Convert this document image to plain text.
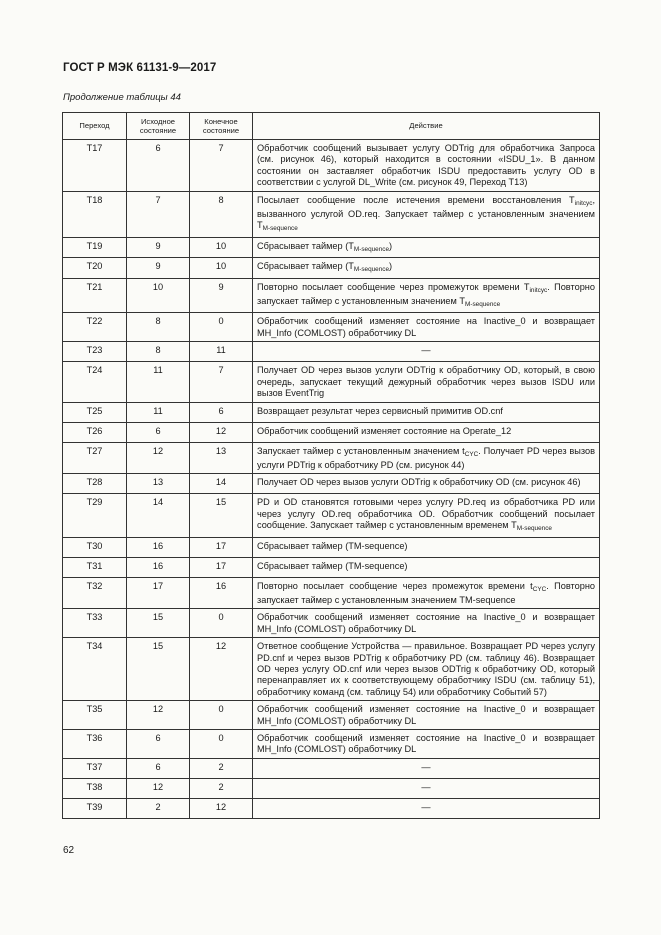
ГОСТ Р МЭК 61131-9—2017
Продолжение таблицы 44
Переход	Исходное состояние	Конечное состояние	Действие
T17	6	7	Обработчик сообщений вызывает услугу ODTrig для обработчика Запроса (см. рисунок 46), который находится в состоянии «ISDU_1». В данном состоянии он заставляет обработчик ISDU предоставить услугу OD в соответствии с услугой DL_Write (см. рисунок 49, Переход T13)
T18	7	8	Посылает сообщение после истечения времени восстановления $T_{initcyc}$, вызванного услугой OD.req. Запускает таймер с установленным значением $T_{M-sequence}$
T19	9	10	Сбрасывает таймер $(T_{M-sequence})$
T20	9	10	Сбрасывает таймер $(T_{M-sequence})$
T21	10	9	Повторно посылает сообщение через промежуток времени $T_{initcyc}$. Повторно запускает таймер с установленным значением $T_{M-sequence}$
T22	8	0	Обработчик сообщений изменяет состояние на Inactive_0 и возвращает MH_Info (COMLOST) обработчику DL
T23	8	11	—
T24	11	7	Получает OD через вызов услуги ODTrig к обработчику OD, который, в свою очередь, запускает текущий дежурный обработчик через вызов ISDU или вызов EventTrig
T25	11	6	Возвращает результат через сервисный примитив OD.cnf
T26	6	12	Обработчик сообщений изменяет состояние на Operate_12
T27	12	13	Запускает таймер с установленным значением $t_{CYC}$. Получает PD через вызов услуги PDTrig к обработчику PD (см. рисунок 44)
T28	13	14	Получает OD через вызов услуги ODTrig к обработчику OD (см. рисунок 46)
T29	14	15	PD и OD становятся готовыми через услугу PD.req из обработчика PD или через услугу OD.req обработчика OD. Обработчик сообщений посылает сообщение. Запускает таймер с установленным временем $T_{M-sequence}$
T30	16	17	Сбрасывает таймер (TM-sequence)
T31	16	17	Сбрасывает таймер (TM-sequence)
T32	17	16	Повторно посылает сообщение через промежуток времени $t_{CYC}$. Повторно запускает таймер с установленным значением TM-sequence
T33	15	0	Обработчик сообщений изменяет состояние на Inactive_0 и возвращает MH_Info (COMLOST) обработчику DL
T34	15	12	Ответное сообщение Устройства — правильное. Возвращает PD через услугу PD.cnf и через вызов PDTrig к обработчику PD (см. таблицу 46). Возвращает OD через услугу OD.cnf или через вызов ODTrig к обработчику OD, который перенаправляет их к соответствующему обработчику ISDU (см. таблицу 51), обработчику команд (см. таблицу 54) или обработчику Событий 57)
T35	12	0	Обработчик сообщений изменяет состояние на Inactive_0 и возвращает MH_Info (COMLOST) обработчику DL
T36	6	0	Обработчик сообщений изменяет состояние на Inactive_0 и возвращает MH_Info (COMLOST) обработчику DL
T37	6	2	—
T38	12	2	—
T39	2	12	—
62
